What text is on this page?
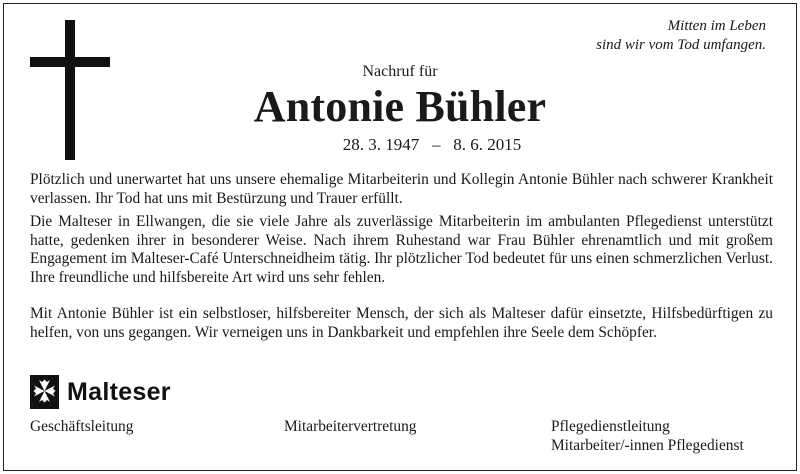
Mitten im Leben
sind wir vom Tod umfangen.
Nachruf für
Antonie Bühler
28. 3. 1947   –   8. 6. 2015
Plötzlich und unerwartet hat uns unsere ehemalige Mitarbeiterin und Kollegin Antonie Bühler nach schwerer Krankheit verlassen. Ihr Tod hat uns mit Bestürzung und Trauer erfüllt.
Die Malteser in Ellwangen, die sie viele Jahre als zuverlässige Mitarbeiterin im ambulanten Pflegedienst unterstützt hatte, gedenken ihrer in besonderer Weise. Nach ihrem Ruhestand war Frau Bühler ehrenamtlich und mit großem Engagement im Malteser-Café Unterschneidheim tätig. Ihr plötzlicher Tod bedeutet für uns einen schmerzlichen Verlust. Ihre freundliche und hilfsbereite Art wird uns sehr fehlen.
Mit Antonie Bühler ist ein selbstloser, hilfsbereiter Mensch, der sich als Malteser dafür einsetzte, Hilfsbedürftigen zu helfen, von uns gegangen. Wir verneigen uns in Dankbarkeit und empfehlen ihre Seele dem Schöpfer.
Malteser
Geschäftsleitung	Mitarbeitervertretung	Pflegedienstleitung
Mitarbeiter/-innen Pflegedienst
